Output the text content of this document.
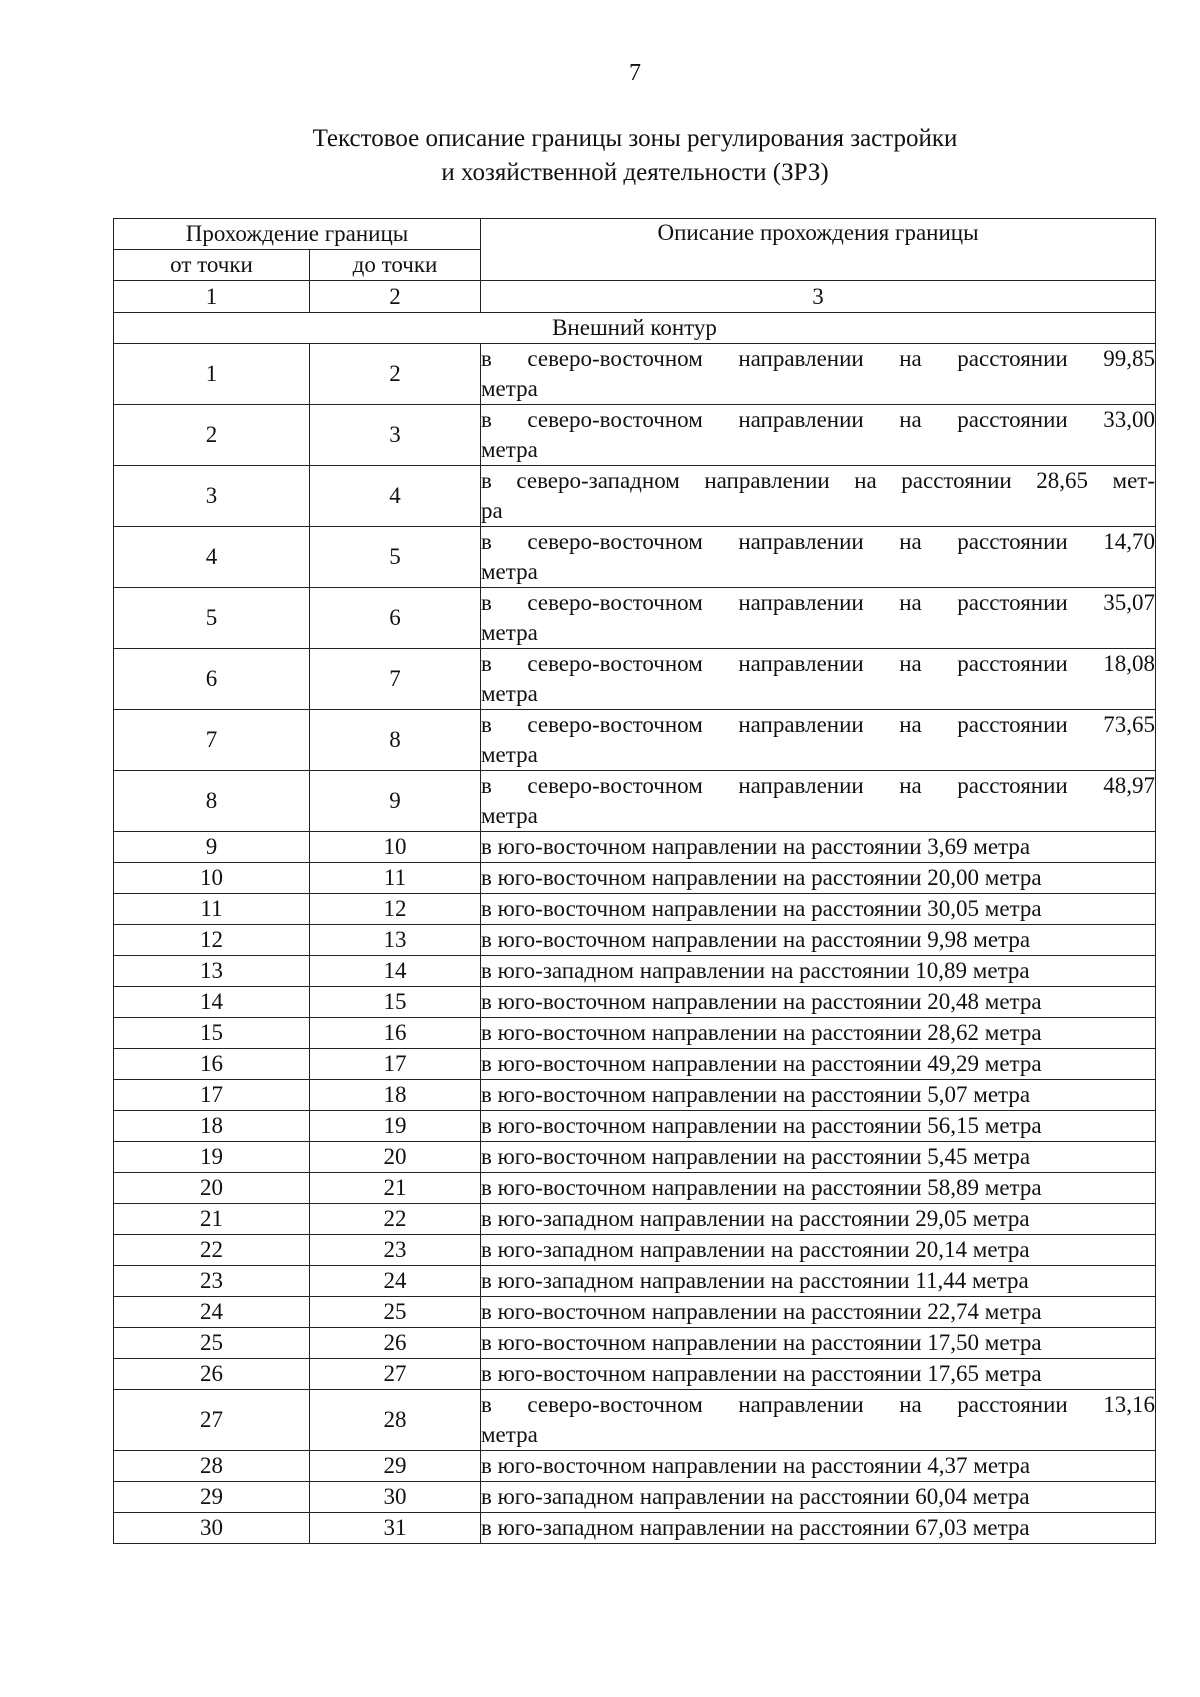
7
Текстовое описание границы зоны регулирования застройки
и хозяйственной деятельности (ЗРЗ)
Прохождение границы		Описание прохождения границы
от точки	до точки	
1	2	3
Внешний контур		
1	2	в северо-восточном направлении на расстоянии 99,85
метра

2	3	в северо-восточном направлении на расстоянии 33,00
метра

3	4	в северо-западном направлении на расстоянии 28,65 мет-
ра

4	5	в северо-восточном направлении на расстоянии 14,70
метра

5	6	в северо-восточном направлении на расстоянии 35,07
метра

6	7	в северо-восточном направлении на расстоянии 18,08
метра

7	8	в северо-восточном направлении на расстоянии 73,65
метра

8	9	в северо-восточном направлении на расстоянии 48,97
метра

9	10	в юго-восточном направлении на расстоянии 3,69 метра
10	11	в юго-восточном направлении на расстоянии 20,00 метра
11	12	в юго-восточном направлении на расстоянии 30,05 метра
12	13	в юго-восточном направлении на расстоянии 9,98 метра
13	14	в юго-западном направлении на расстоянии 10,89 метра
14	15	в юго-восточном направлении на расстоянии 20,48 метра
15	16	в юго-восточном направлении на расстоянии 28,62 метра
16	17	в юго-восточном направлении на расстоянии 49,29 метра
17	18	в юго-восточном направлении на расстоянии 5,07 метра
18	19	в юго-восточном направлении на расстоянии 56,15 метра
19	20	в юго-восточном направлении на расстоянии 5,45 метра
20	21	в юго-восточном направлении на расстоянии 58,89 метра
21	22	в юго-западном направлении на расстоянии 29,05 метра
22	23	в юго-западном направлении на расстоянии 20,14 метра
23	24	в юго-западном направлении на расстоянии 11,44 метра
24	25	в юго-восточном направлении на расстоянии 22,74 метра
25	26	в юго-восточном направлении на расстоянии 17,50 метра
26	27	в юго-восточном направлении на расстоянии 17,65 метра
27	28	в северо-восточном направлении на расстоянии 13,16
метра

28	29	в юго-восточном направлении на расстоянии 4,37 метра
29	30	в юго-западном направлении на расстоянии 60,04 метра
30	31	в юго-западном направлении на расстоянии 67,03 метра
